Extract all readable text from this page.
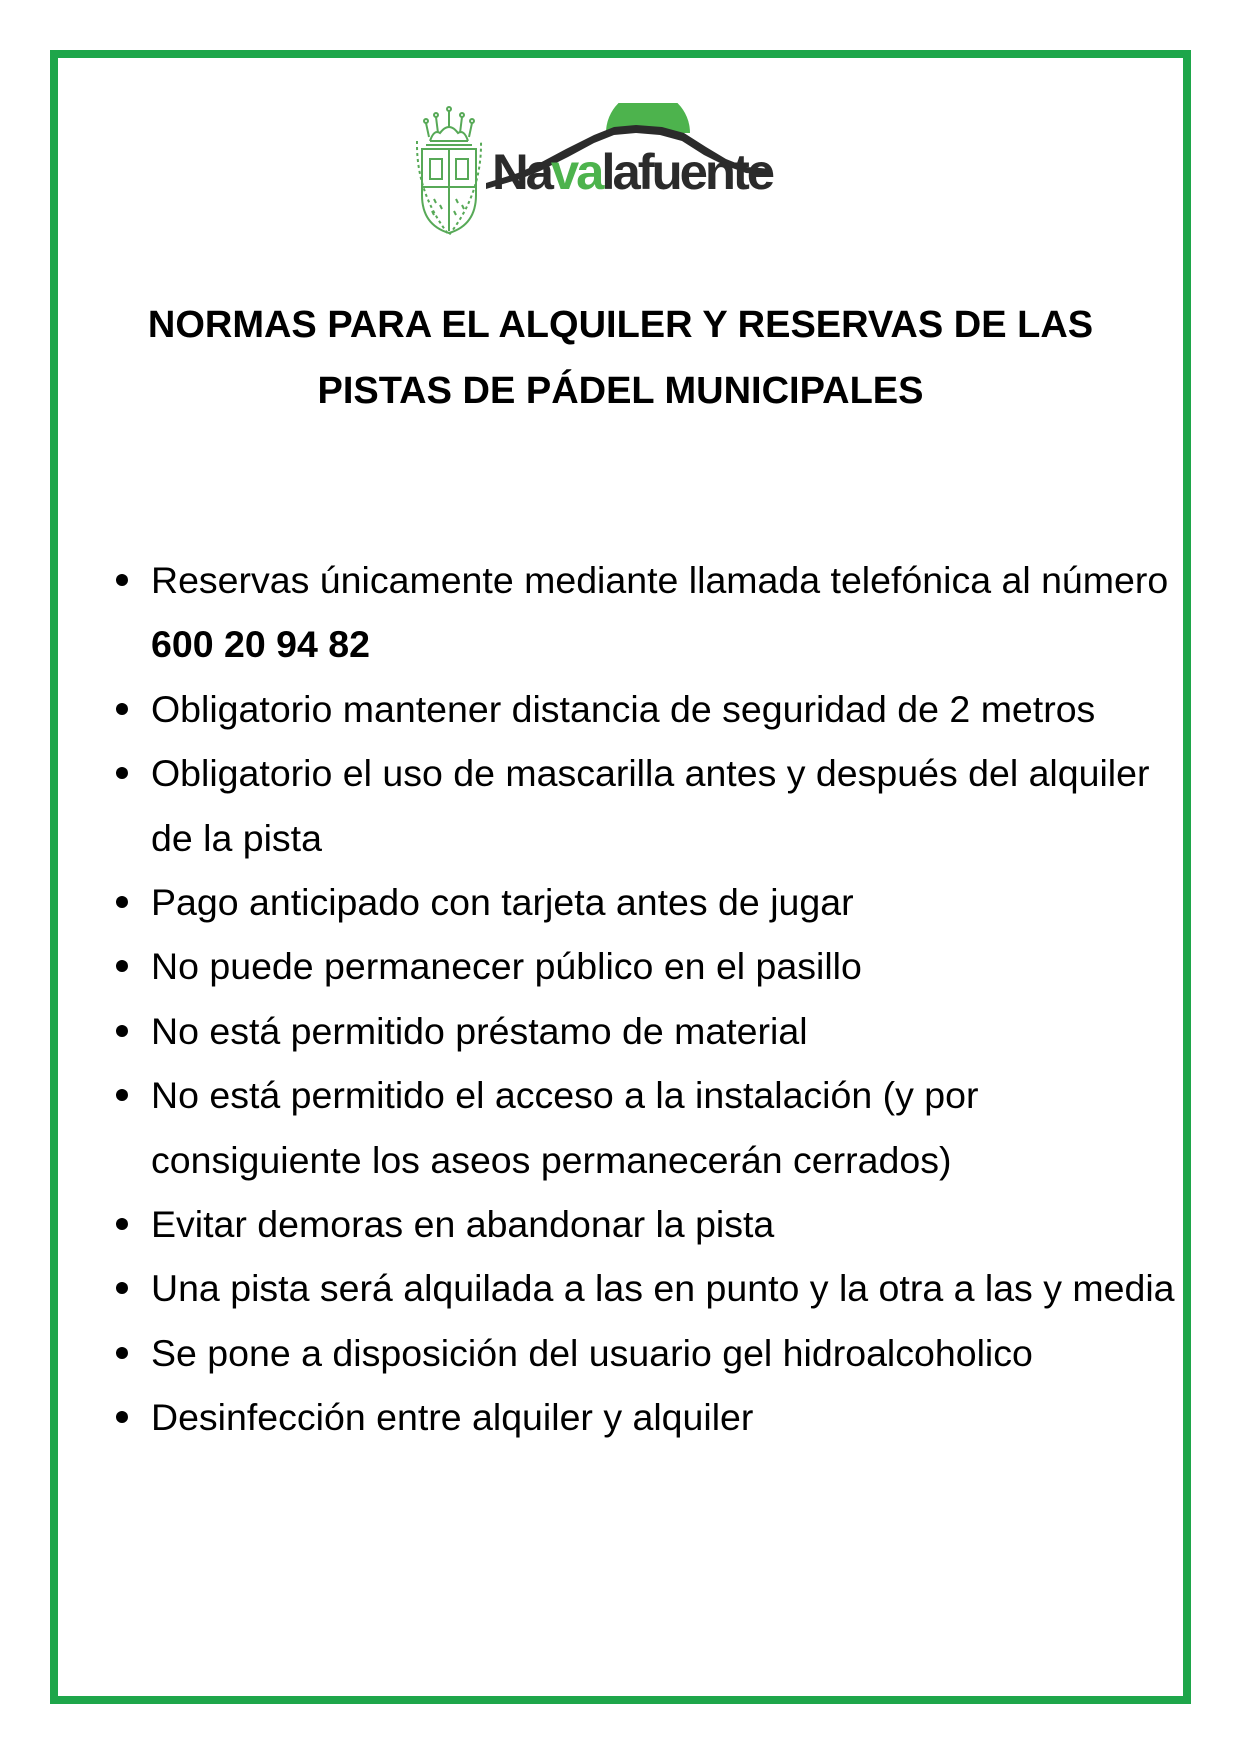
Navalafuente
NORMAS PARA EL ALQUILER Y RESERVAS DE LAS
PISTAS DE PÁDEL MUNICIPALES
Reservas únicamente mediante llamada telefónica al número 600 20 94 82
Obligatorio mantener distancia de seguridad de 2 metros
Obligatorio el uso de mascarilla antes y después del alquiler de la pista
Pago anticipado con tarjeta antes de jugar
No puede permanecer público en el pasillo
No está permitido préstamo de material
No está permitido el acceso a la instalación (y por consiguiente los aseos permanecerán cerrados)
Evitar demoras en abandonar la pista
Una pista será alquilada a las en punto y la otra a las y media
Se pone a disposición del usuario gel hidroalcoholico
Desinfección entre alquiler y alquiler
